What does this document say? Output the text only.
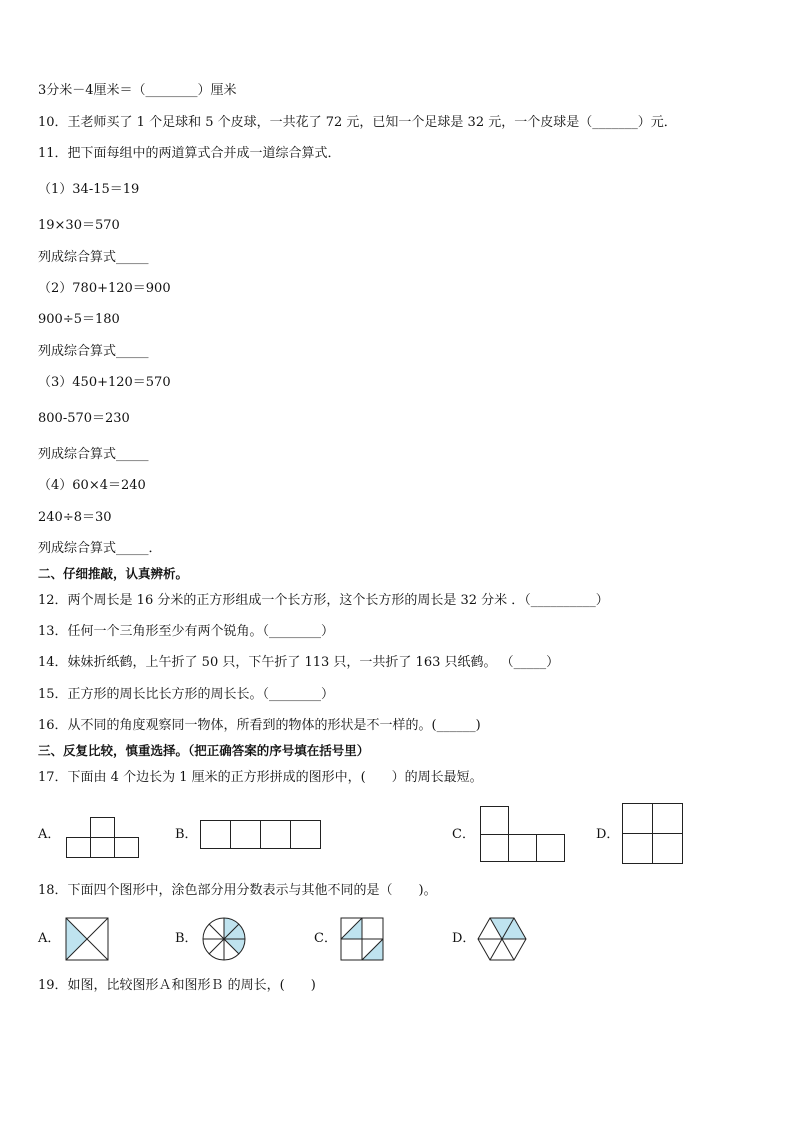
3分米－4厘米＝（________）厘米
10．王老师买了 1 个足球和 5 个皮球，一共花了 72 元，已知一个足球是 32 元，一个皮球是（_______）元．
11．把下面每组中的两道算式合并成一道综合算式．
（1）34-15＝19
19×30＝570
列成综合算式_____
（2）780+120＝900
900÷5＝180
列成综合算式_____
（3）450+120＝570
800-570＝230
列成综合算式_____
（4）60×4＝240
240÷8＝30
列成综合算式_____．
二、仔细推敲，认真辨析。
12．两个周长是 16 分米的正方形组成一个长方形，这个长方形的周长是 32 分米 ．（__________）
13．任何一个三角形至少有两个锐角。（________）
14．妹妹折纸鹤，上午折了 50 只，下午折了 113 只，一共折了 163 只纸鹤。 （_____）
15．正方形的周长比长方形的周长长。（________）
16．从不同的角度观察同一物体，所看到的物体的形状是不一样的。(______)
三、反复比较，慎重选择。（把正确答案的序号填在括号里）
17．下面由 4 个边长为 1 厘米的正方形拼成的图形中，(　　）的周长最短。
A．	B．	C．	D．
18．下面四个图形中，涂色部分用分数表示与其他不同的是（　　)。
A．	B．	C．	D．
19．如图，比较图形Ａ和图形Ｂ 的周长，(　　)
